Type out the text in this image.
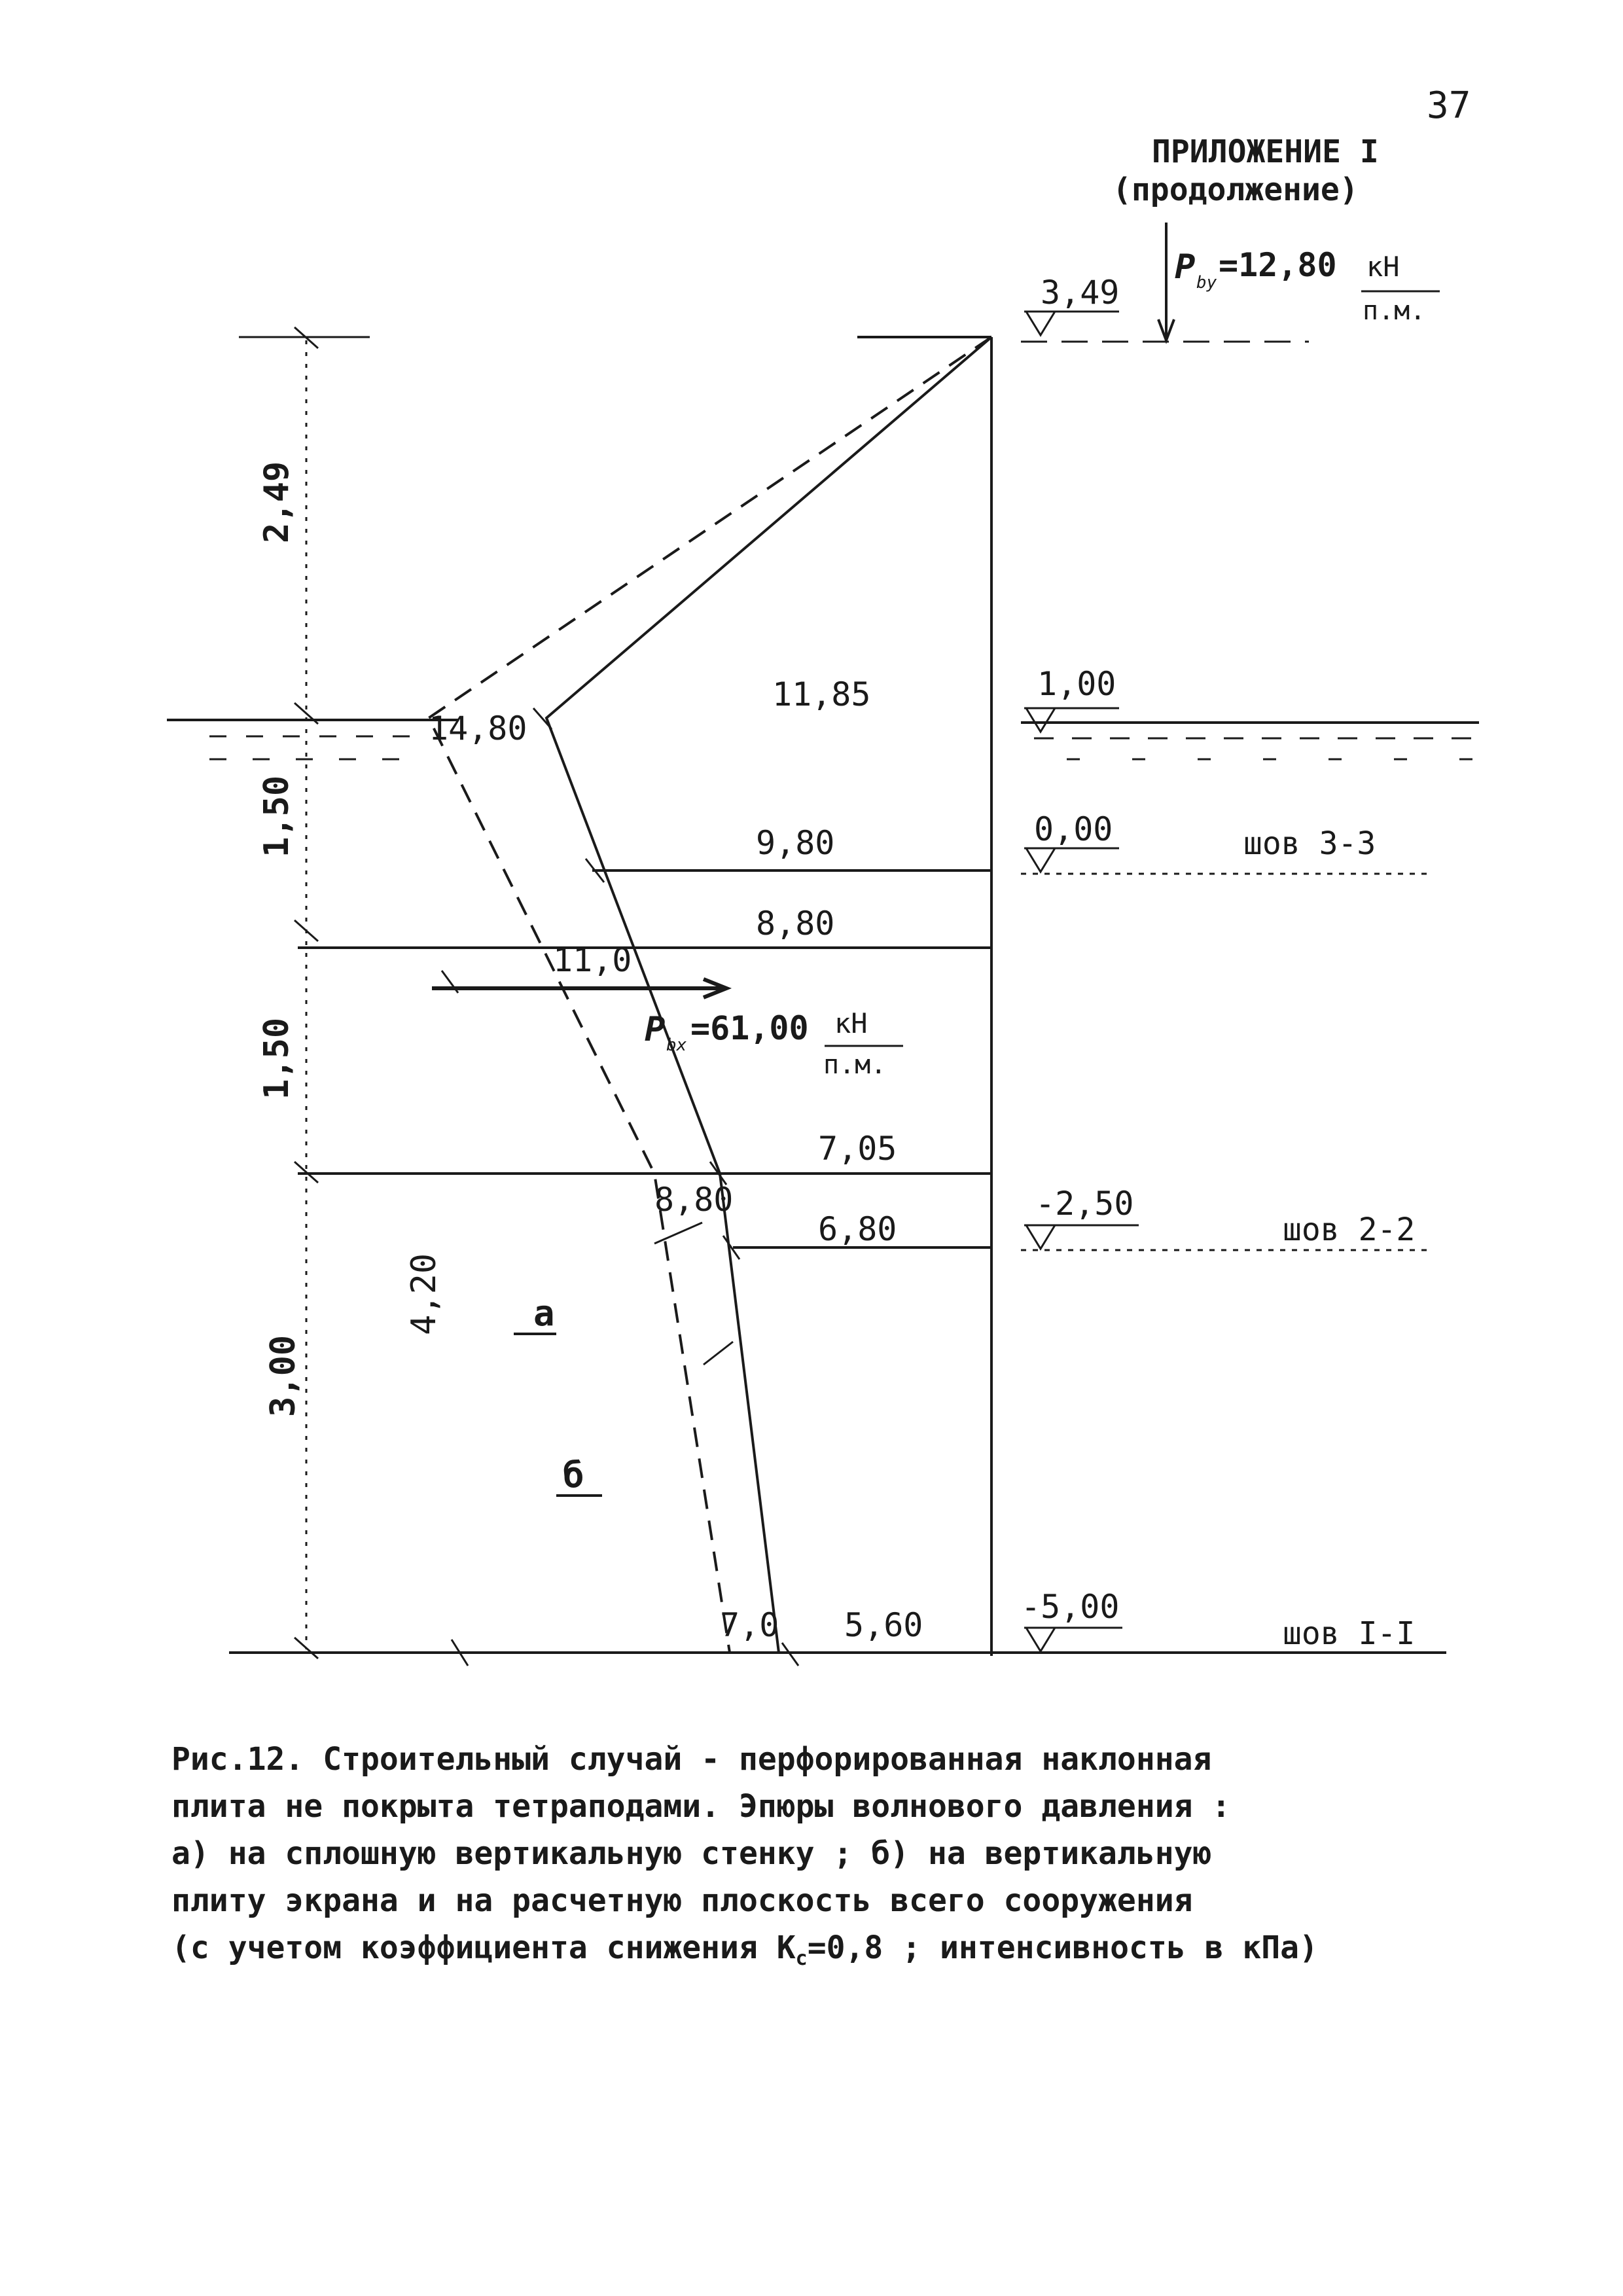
37
ПРИЛОЖЕНИЕ I
(продолжение)
P by =12,80 кН
п.м.
2,49
1,50
1,50
3,00
4,20
P bx =61,00 кН
п.м.
3,49
1,00
0,00
-2,50
-5,00
шов 3-3
шов 2-2
шов I-I
14,80
11,85
9,80
8,80
11,0
7,05
8,80
6,80
7,0 5,60
а
б
Рис.12. Строительный случай - перфорированная наклонная
плита не покрыта тетраподами. Эпюры волнового давления :
а) на сплошную вертикальную стенку ; б) на вертикальную
плиту экрана и на расчетную плоскость всего сооружения
(с учетом коэффициента снижения $К_с=0,8$ ; интенсивность в кПа)
